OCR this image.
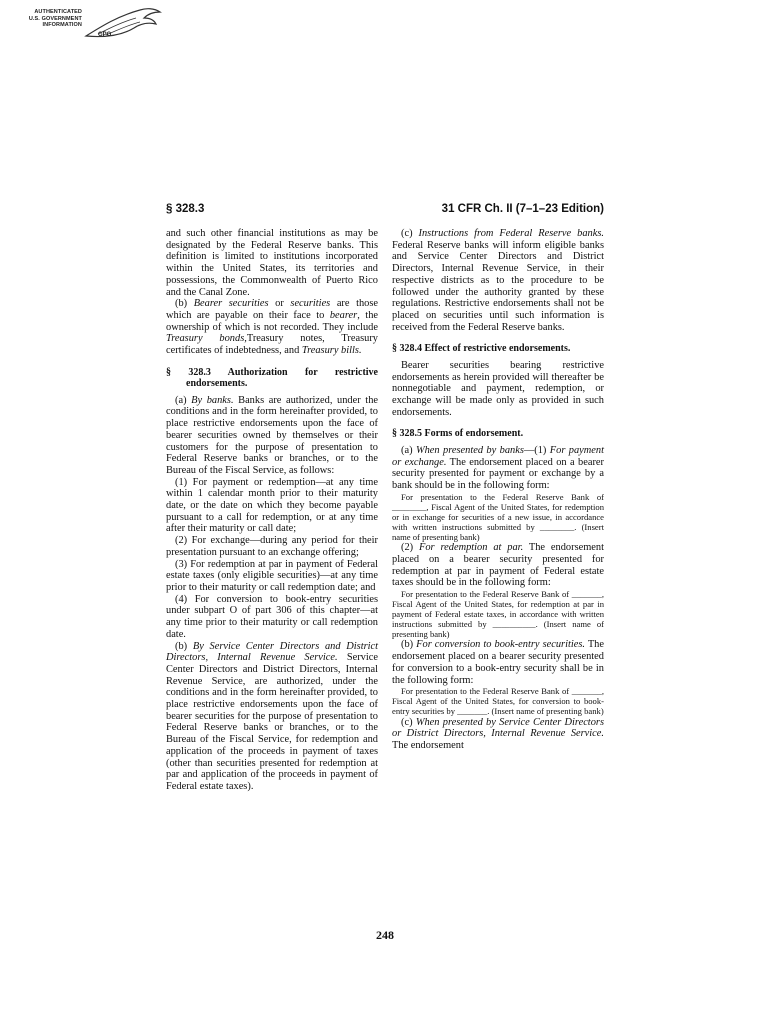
AUTHENTICATED
U.S. GOVERNMENT
INFORMATION
GPO
§ 328.3	31 CFR Ch. II (7–1–23 Edition)

and such other financial institutions as may be designated by the Federal Reserve banks. This definition is limited to institutions incorporated within the United States, its territories and possessions, the Commonwealth of Puerto Rico and the Canal Zone.

(b) Bearer securities or securities are those which are payable on their face to bearer, the ownership of which is not recorded. They include Treasury bonds,Treasury notes, Treasury certificates of indebtedness, and Treasury bills.

§ 328.3 Authorization for restrictive endorsements.

(a) By banks. Banks are authorized, under the conditions and in the form hereinafter provided, to place restrictive endorsements upon the face of bearer securities owned by themselves or their customers for the purpose of presentation to Federal Reserve banks or branches, or to the Bureau of the Fiscal Service, as follows:

(1) For payment or redemption—at any time within 1 calendar month prior to their maturity date, or the date on which they become payable pursuant to a call for redemption, or at any time after their maturity or call date;

(2) For exchange—during any period for their presentation pursuant to an exchange offering;

(3) For redemption at par in payment of Federal estate taxes (only eligible securities)—at any time prior to their maturity or call redemption date; and

(4) For conversion to book-entry securities under subpart O of part 306 of this chapter—at any time prior to their maturity or call redemption date.

(b) By Service Center Directors and District Directors, Internal Revenue Service. Service Center Directors and District Directors, Internal Revenue Service, are authorized, under the conditions and in the form hereinafter provided, to place restrictive endorsements upon the face of bearer securities for the purpose of presentation to Federal Reserve banks or branches, or to the Bureau of the Fiscal Service, for redemption and application of the proceeds in payment of taxes (other than securities presented for redemption at par and application of the proceeds in payment of Federal estate taxes).

(c) Instructions from Federal Reserve banks. Federal Reserve banks will inform eligible banks and Service Center Directors and District Directors, Internal Revenue Service, in their respective districts as to the procedure to be followed under the authority granted by these regulations. Restrictive endorsements shall not be placed on securities until such information is received from the Federal Reserve banks.

§ 328.4 Effect of restrictive endorsements.

Bearer securities bearing restrictive endorsements as herein provided will thereafter be nonnegotiable and payment, redemption, or exchange will be made only as provided in such endorsements.

§ 328.5 Forms of endorsement.

(a) When presented by banks—(1) For payment or exchange. The endorsement placed on a bearer security presented for payment or exchange by a bank should be in the following form:

For presentation to the Federal Reserve Bank of ________, Fiscal Agent of the United States, for redemption or in exchange for securities of a new issue, in accordance with written instructions submitted by ________. (Insert name of presenting bank)

(2) For redemption at par. The endorsement placed on a bearer security presented for redemption at par in payment of Federal estate taxes should be in the following form:

For presentation to the Federal Reserve Bank of _______, Fiscal Agent of the United States, for redemption at par in payment of Federal estate taxes, in accordance with written instructions submitted by __________. (Insert name of presenting bank)

(b) For conversion to book-entry securities. The endorsement placed on a bearer security presented for conversion to a book-entry security shall be in the following form:

For presentation to the Federal Reserve Bank of _______, Fiscal Agent of the United States, for conversion to book-entry securities by _______. (Insert name of presenting bank)

(c) When presented by Service Center Directors or District Directors, Internal Revenue Service. The endorsement

248
